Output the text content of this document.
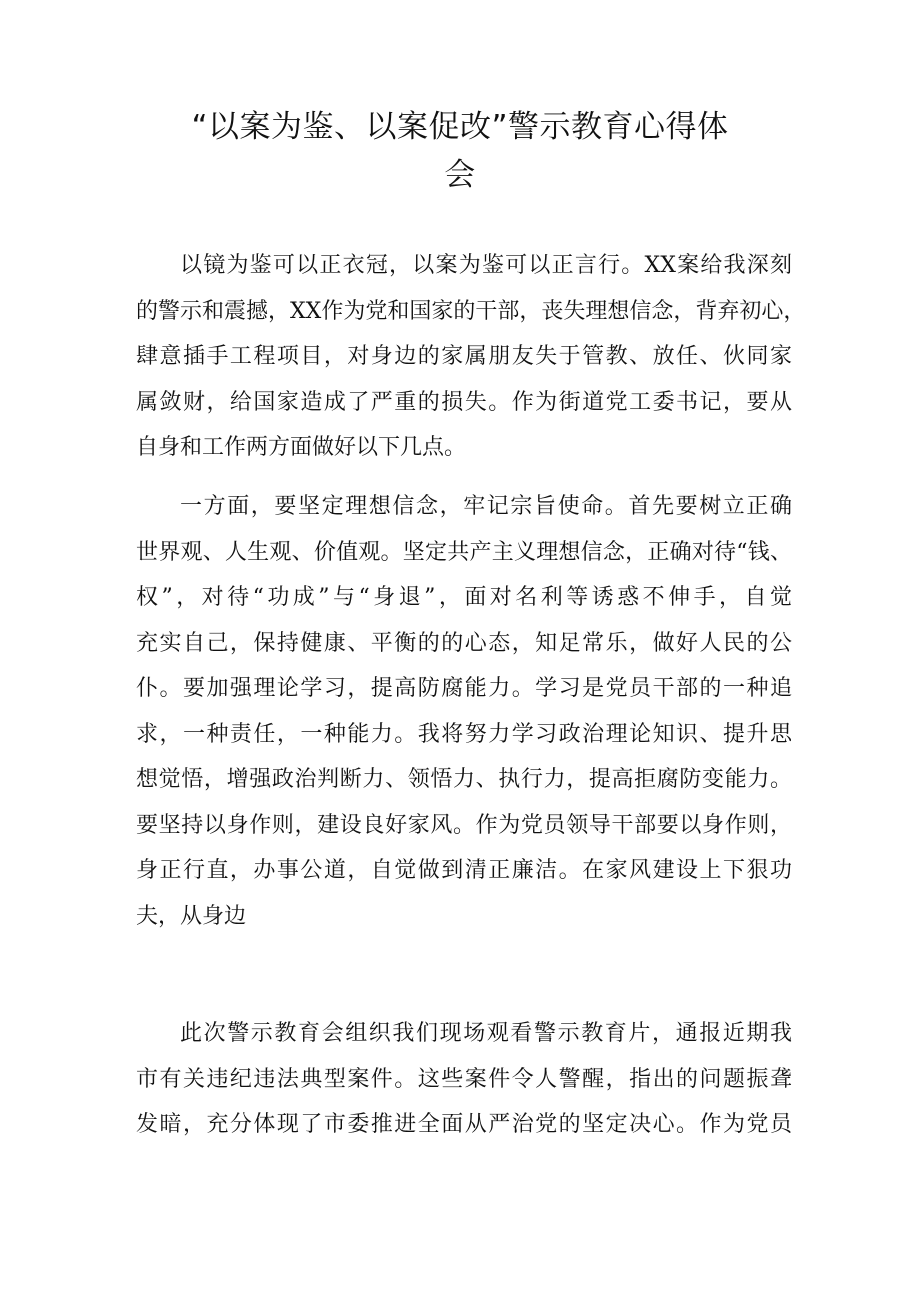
“以案为鉴、以案促改”警示教育心得体
会
以镜为鉴可以正衣冠，以案为鉴可以正言行。XX案给我深刻
的警示和震撼，XX作为党和国家的干部，丧失理想信念，背弃初心，
肆意插手工程项目，对身边的家属朋友失于管教、放任、伙同家
属敛财，给国家造成了严重的损失。作为街道党工委书记，要从
自身和工作两方面做好以下几点。
一方面，要坚定理想信念，牢记宗旨使命。首先要树立正确
世界观、人生观、价值观。坚定共产主义理想信念，正确对待“钱、
权”，对待“功成”与“身退”，面对名利等诱惑不伸手，自觉
充实自己，保持健康、平衡的的心态，知足常乐，做好人民的公
仆。要加强理论学习，提高防腐能力。学习是党员干部的一种追
求，一种责任，一种能力。我将努力学习政治理论知识、提升思
想觉悟，增强政治判断力、领悟力、执行力，提高拒腐防变能力。
要坚持以身作则，建设良好家风。作为党员领导干部要以身作则，
身正行直，办事公道，自觉做到清正廉洁。在家风建设上下狠功
夫，从身边
此次警示教育会组织我们现场观看警示教育片，通报近期我
市有关违纪违法典型案件。这些案件令人警醒，指出的问题振聋
发暗，充分体现了市委推进全面从严治党的坚定决心。作为党员
